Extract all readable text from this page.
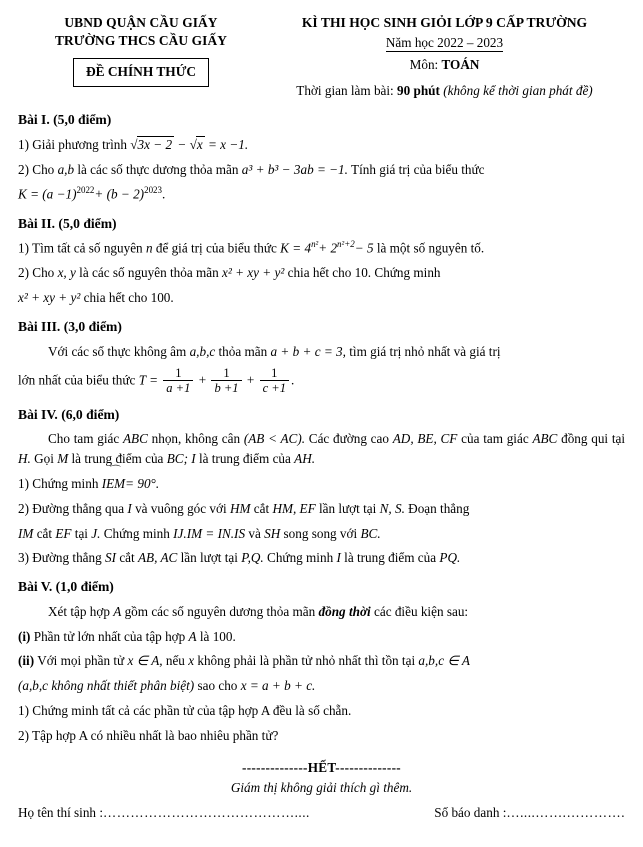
UBND QUẬN CẦU GIẤY
TRƯỜNG THCS CẦU GIẤY
ĐỀ CHÍNH THỨC
KÌ THI HỌC SINH GIỎI LỚP 9 CẤP TRƯỜNG
Năm học 2022 – 2023
Môn: TOÁN
Thời gian làm bài: 90 phút (không kể thời gian phát đề)
Bài I. (5,0 điểm)
1) Giải phương trình √3x − 2 − √x = x −1.
2) Cho a,b là các số thực dương thỏa mãn a³ + b³ − 3ab = −1. Tính giá trị của biểu thức
$K = (a -1)^{2022}+ (b - 2)^{2023}$.
Bài II. (5,0 điểm)
1) Tìm tất cả số nguyên n để giá trị của biểu thức $K = 4^{n^2}+ 2^{n^2+2}- 5$ là một số nguyên tố.
2) Cho x, y là các số nguyên thỏa mãn x² + xy + y² chia hết cho 10. Chứng minh
x² + xy + y² chia hết cho 100.
Bài III. (3,0 điểm)
Với các số thực không âm a,b,c thỏa mãn a + b + c = 3, tìm giá trị nhỏ nhất và giá trị
lớn nhất của biểu thức $T = \frac{1}{a +1} + \frac{1}{b +1} + \frac{1}{c +1}$ .
Bài IV. (6,0 điểm)
Cho tam giác ABC nhọn, không cân (AB < AC). Các đường cao AD, BE, CF của tam giác ABC đồng qui tại H. Gọi M là trung điểm của BC; I là trung điểm của AH.
1) Chứng minh
⌒
IEM= 90°.
2) Đường thẳng qua I và vuông góc với HM cắt HM, EF lần lượt tại N, S. Đoạn thẳng
IM cắt EF tại J. Chứng minh IJ.IM = IN.IS và SH song song với BC.
3) Đường thẳng SI cắt AB, AC lần lượt tại P,Q. Chứng minh I là trung điểm của PQ.
Bài V. (1,0 điểm)
Xét tập hợp A gồm các số nguyên dương thỏa mãn đồng thời các điều kiện sau:
(i) Phần tử lớn nhất của tập hợp A là 100.
(ii) Với mọi phần tử x ∈ A, nếu x không phải là phần tử nhỏ nhất thì tồn tại a,b,c ∈ A
(a,b,c không nhất thiết phân biệt) sao cho x = a + b + c.
1) Chứng minh tất cả các phần tử của tập hợp A đều là số chẵn.
2) Tập hợp A có nhiều nhất là bao nhiêu phần tử?
--------------HẾT--------------
Giám thị không giải thích gì thêm.
Họ tên thí sinh :……………………………………....	Số báo danh :…....…….………….
